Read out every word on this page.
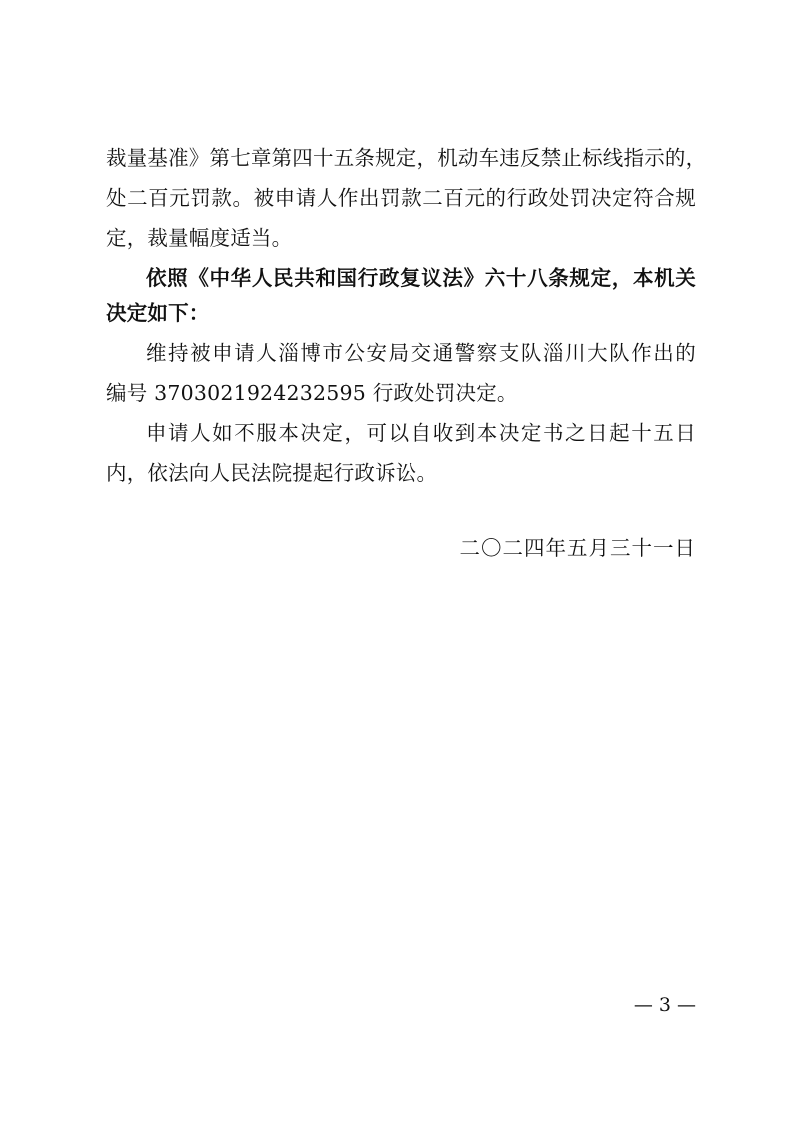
裁量基准》第七章第四十五条规定，机动车违反禁止标线指示的，
处二百元罚款。被申请人作出罚款二百元的行政处罚决定符合规
定，裁量幅度适当。
依照《中华人民共和国行政复议法》六十八条规定，本机关
决定如下：
维持被申请人淄博市公安局交通警察支队淄川大队作出的
编号 3703021924232595 行政处罚决定。
申请人如不服本决定，可以自收到本决定书之日起十五日
内，依法向人民法院提起行政诉讼。
二〇二四年五月三十一日
— 3 —
